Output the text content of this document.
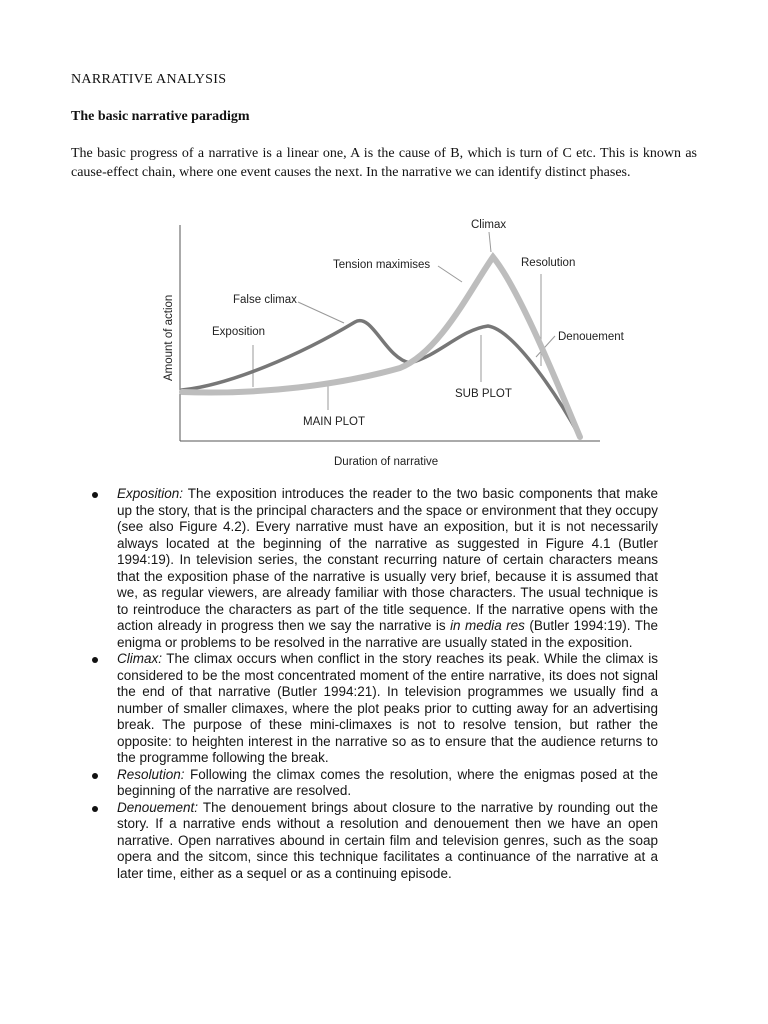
NARRATIVE ANALYSIS
The basic narrative paradigm

The basic progress of a narrative is a linear one, A is the cause of B, which is turn of C etc. This is known as cause-effect chain, where one event causes the next. In the narrative we can identify distinct phases.

Climax
Tension maximises	Resolution
False climax
Exposition	Denouement
SUB PLOT
MAIN PLOT
Duration of narrative
Amount of action
Exposition: The exposition introduces the reader to the two basic components that make up the story, that is the principal characters and the space or environment that they occupy (see also Figure 4.2). Every narrative must have an exposition, but it is not necessarily always located at the beginning of the narrative as suggested in Figure 4.1 (Butler 1994:19). In television series, the constant recurring nature of certain characters means that the exposition phase of the narrative is usually very brief, because it is assumed that we, as regular viewers, are already familiar with those characters. The usual technique is to reintroduce the characters as part of the title sequence. If the narrative opens with the action already in progress then we say the narrative is in media res (Butler 1994:19). The enigma or problems to be resolved in the narrative are usually stated in the exposition.
Climax: The climax occurs when conflict in the story reaches its peak. While the climax is considered to be the most concentrated moment of the entire narrative, its does not signal the end of that narrative (Butler 1994:21). In television programmes we usually find a number of smaller climaxes, where the plot peaks prior to cutting away for an advertising break. The purpose of these mini-climaxes is not to resolve tension, but rather the opposite: to heighten interest in the narrative so as to ensure that the audience returns to the programme following the break.
Resolution: Following the climax comes the resolution, where the enigmas posed at the beginning of the narrative are resolved.
Denouement: The denouement brings about closure to the narrative by rounding out the story. If a narrative ends without a resolution and denouement then we have an open narrative. Open narratives abound in certain film and television genres, such as the soap opera and the sitcom, since this technique facilitates a continuance of the narrative at a later time, either as a sequel or as a continuing episode.
